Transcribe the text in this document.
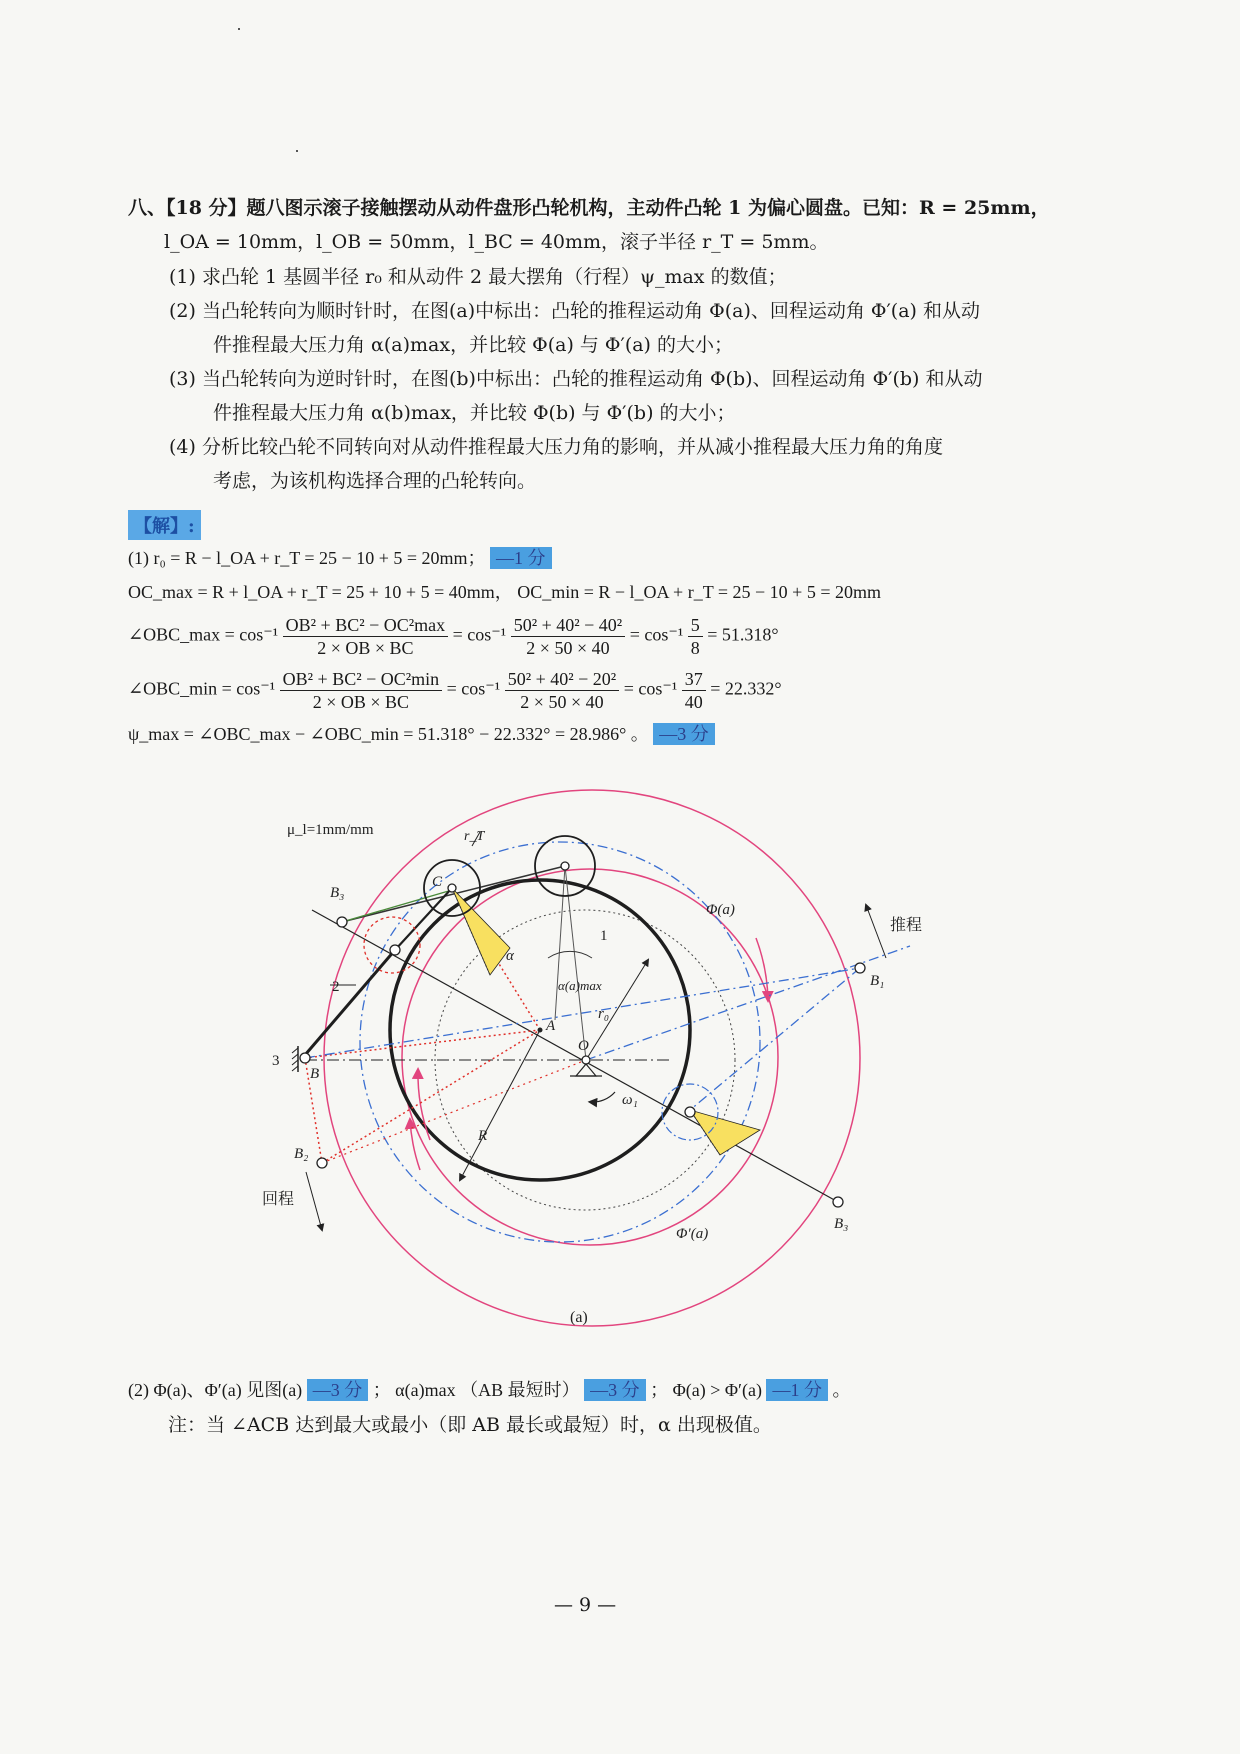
八、【18 分】题八图示滚子接触摆动从动件盘形凸轮机构，主动件凸轮 1 为偏心圆盘。已知：R = 25mm，
l_OA = 10mm，l_OB = 50mm，l_BC = 40mm，滚子半径 r_T = 5mm。
(1) 求凸轮 1 基圆半径 r₀ 和从动件 2 最大摆角（行程）ψ_max 的数值；
(2) 当凸轮转向为顺时针时，在图(a)中标出：凸轮的推程运动角 Φ(a)、回程运动角 Φ′(a) 和从动
件推程最大压力角 α(a)max，并比较 Φ(a) 与 Φ′(a) 的大小；
(3) 当凸轮转向为逆时针时，在图(b)中标出：凸轮的推程运动角 Φ(b)、回程运动角 Φ′(b) 和从动
件推程最大压力角 α(b)max，并比较 Φ(b) 与 Φ′(b) 的大小；
(4) 分析比较凸轮不同转向对从动件推程最大压力角的影响，并从减小推程最大压力角的角度
考虑，为该机构选择合理的凸轮转向。
【解】:
(1) r₀ = R − l_OA + r_T = 25 − 10 + 5 = 20mm； —1 分
OC_max = R + l_OA + r_T = 25 + 10 + 5 = 40mm， OC_min = R − l_OA + r_T = 25 − 10 + 5 = 20mm
∠OBC_max = $\cos^{-1} \frac{\text{OB² + BC² − OC²max}}{2 \times OB \times BC} = \cos^{-1} \frac{\text{50² + 40² − 40²}}{2 \times 50 \times 40} = \cos^{-1} \frac{5}{8} = 51.318^\circ$
∠OBC_min = $\cos^{-1} \frac{\text{OB² + BC² − OC²min}}{2 \times OB \times BC} = \cos^{-1} \frac{\text{50² + 40² − 20²}}{2 \times 50 \times 40} = \cos^{-1} \frac{37}{40} = 22.332^\circ$
ψ_max = ∠OBC_max − ∠OBC_min = 51.318° − 22.332° = 28.986° 。 —3 分
μ_l=1mm/mm	r_T
C
B₃
Φ(a)
推程
B₁
1
2
3
α
α(a)max
r₀
A
O
B
ω₁
R
B₂
回程
Φ′(a)
B₃
(a)
(2) Φ(a)、Φ′(a) 见图(a) —3 分 ； α(a)max （AB 最短时） —3 分 ； Φ(a) > Φ′(a) —1 分 。
注：当 ∠ACB 达到最大或最小（即 AB 最长或最短）时，α 出现极值。
— 9 —
